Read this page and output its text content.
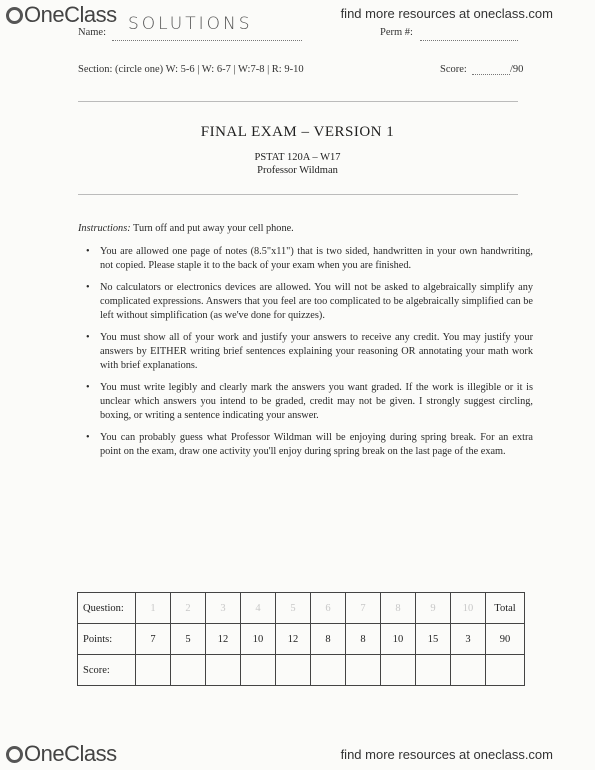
OneClass	find more resources at oneclass.com
Name: SOLUTIONS	Perm #:
Section: (circle one) W: 5-6 | W: 6-7 | W:7-8 | R: 9-10	Score:	/90
FINAL EXAM – VERSION 1
PSTAT 120A – W17
Professor Wildman
Instructions: Turn off and put away your cell phone.
• You are allowed one page of notes (8.5"x11") that is two sided, handwritten in your own handwriting, not copied. Please staple it to the back of your exam when you are finished.
• No calculators or electronics devices are allowed. You will not be asked to algebraically simplify any complicated expressions. Answers that you feel are too complicated to be algebraically simplified can be left without simplification (as we've done for quizzes).
• You must show all of your work and justify your answers to receive any credit. You may justify your answers by EITHER writing brief sentences explaining your reasoning OR annotating your math work with brief explanations.
• You must write legibly and clearly mark the answers you want graded. If the work is illegible or it is unclear which answers you intend to be graded, credit may not be given. I strongly suggest circling, boxing, or writing a sentence indicating your answer.
• You can probably guess what Professor Wildman will be enjoying during spring break. For an extra point on the exam, draw one activity you'll enjoy during spring break on the last page of the exam.
Question:	1	2	3	4	5	6	7	8	9	10	Total
Points:	7	5	12	10	12	8	8	10	15	3	90
Score:											
OneClass	find more resources at oneclass.com
